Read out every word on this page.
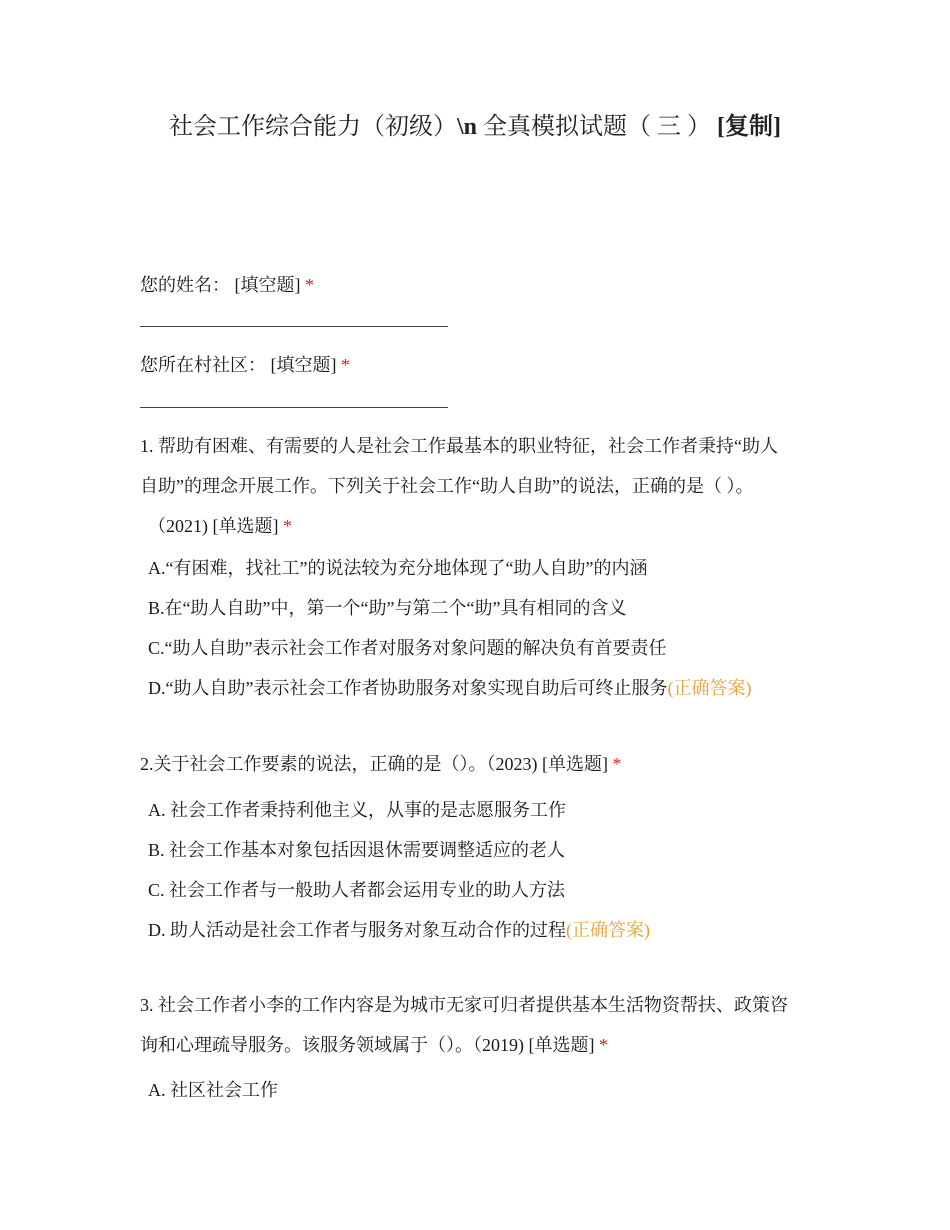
社会工作综合能力（初级）\n 全真模拟试题（ 三 ） [复制]
您的姓名： [填空题] *
您所在村社区： [填空题] *
1. 帮助有困难、有需要的人是社会工作最基本的职业特征，社会工作者秉持“助人
自助”的理念开展工作。下列关于社会工作“助人自助”的说法，正确的是（ ）。
（2021) [单选题] *
A.“有困难，找社工”的说法较为充分地体现了“助人自助”的内涵
B.在“助人自助”中，第一个“助”与第二个“助”具有相同的含义
C.“助人自助”表示社会工作者对服务对象问题的解决负有首要责任
D.“助人自助”表示社会工作者协助服务对象实现自助后可终止服务(正确答案)
2.关于社会工作要素的说法，正确的是（）。（2023) [单选题] *
A. 社会工作者秉持利他主义，从事的是志愿服务工作
B. 社会工作基本对象包括因退休需要调整适应的老人
C. 社会工作者与一般助人者都会运用专业的助人方法
D. 助人活动是社会工作者与服务对象互动合作的过程(正确答案)
3. 社会工作者小李的工作内容是为城市无家可归者提供基本生活物资帮扶、政策咨
询和心理疏导服务。该服务领域属于（）。（2019) [单选题] *
A. 社区社会工作
